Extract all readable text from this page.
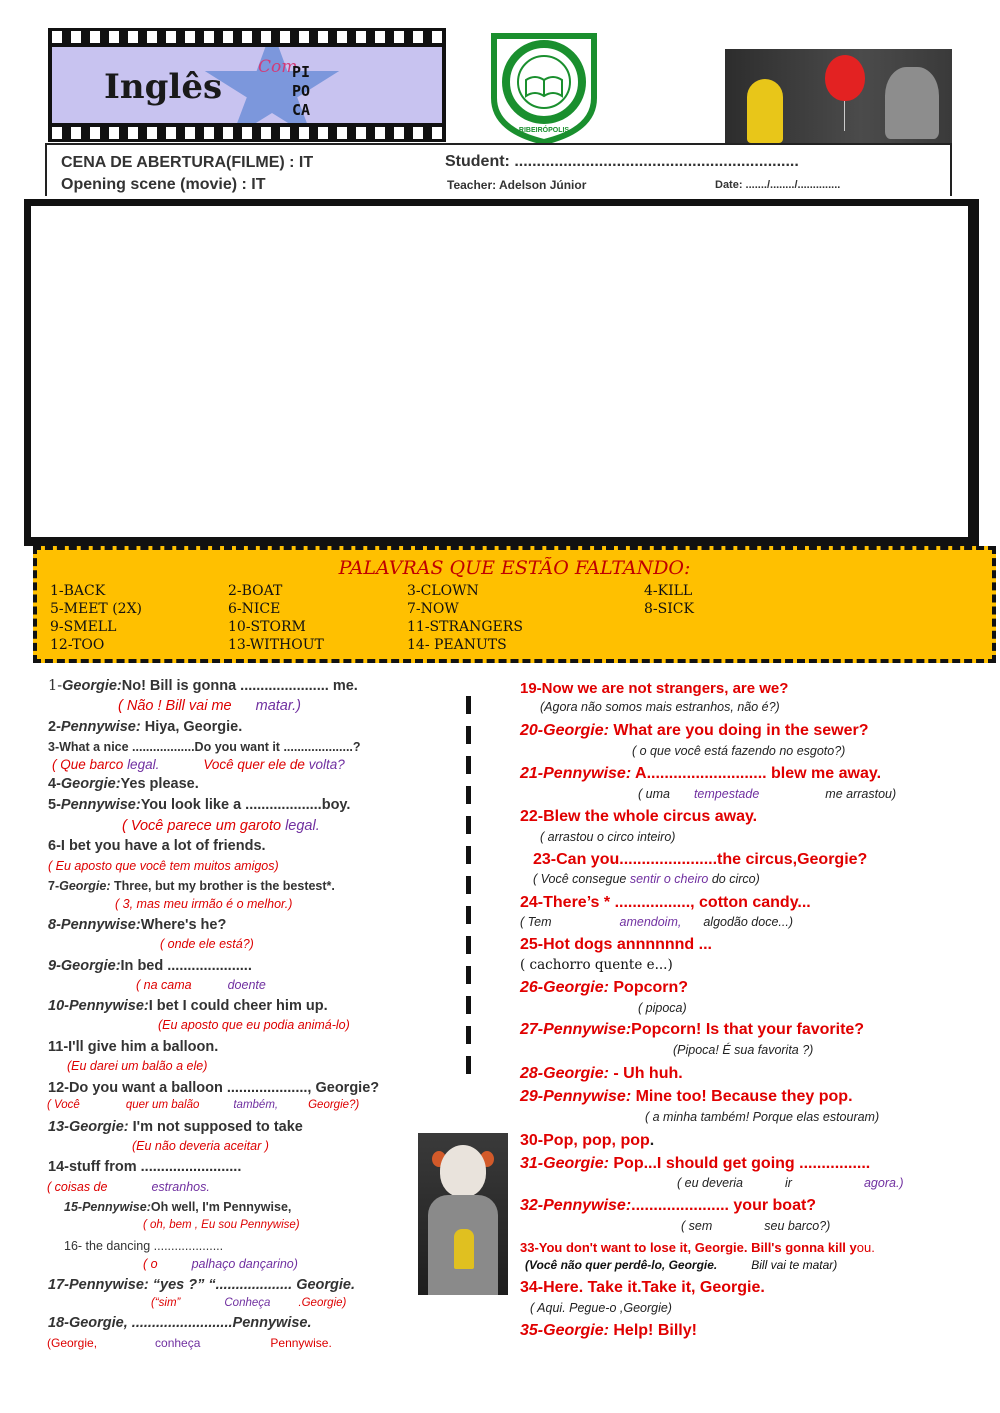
Inglês Com
PI
PO
CA
RIBEIRÓPOLIS
CENA DE ABERTURA(FILME) : IT
Opening scene (movie) : IT
Student: ................................................................
Teacher: Adelson Júnior	Date: ......./......../..............
PALAVRAS QUE ESTÃO FALTANDO:
1-BACK	2-BOAT	3-CLOWN	4-KILL
5-MEET (2X)	6-NICE	7-NOW	8-SICK
9-SMELL	10-STORM	11-STRANGERS
12-TOO	13-WITHOUT	14- PEANUTS
1-Georgie:No! Bill is gonna ...................... me.
( Não ! Bill vai me matar.)
2-Pennywise: Hiya, Georgie.
3-What a nice ..................Do you want it ....................?
( Que barco legal.	Você quer ele de volta?
4-Georgie:Yes please.
5-Pennywise:You look like a ...................boy.
( Você parece um garoto legal.
6-I bet you have a lot of friends.
( Eu aposto que você tem muitos amigos)
7-Georgie: Three, but my brother is the bestest*.
( 3, mas meu irmão é o melhor.)
8-Pennywise:Where's he?
( onde ele está?)
9-Georgie:In bed .....................
( na cama	doente
10-Pennywise:I bet I could cheer him up.
(Eu aposto que eu podia animá-lo)
11-I'll give him a balloon.
(Eu darei um balão a ele)
12-Do you want a balloon ...................., Georgie?
( Você	quer um balão	também,	Georgie?)
13-Georgie: I'm not supposed to take
(Eu não deveria aceitar )
14-stuff from .........................
( coisas de	estranhos.
15-Pennywise:Oh well, I'm Pennywise,
( oh, bem , Eu sou Pennywise)
16- the dancing ....................
( o	palhaço dançarino)
17-Pennywise: “yes ?” “................... Georgie.
(“sim”	Conheça .Georgie)
18-Georgie, .........................Pennywise.
(Georgie,	conheça	Pennywise.
19-Now we are not strangers, are we?
(Agora não somos mais estranhos, não é?)
20-Georgie: What are you doing in the sewer?
( o que você está fazendo no esgoto?)
21-Pennywise: A........................... blew me away.
( uma tempestade	me arrastou)
22-Blew the whole circus away.
( arrastou o circo inteiro)
23-Can you......................the circus,Georgie?
( Você consegue sentir o cheiro do circo)
24-There’s * ................., cotton candy...
( Tem	amendoim, algodão doce...)
25-Hot dogs annnnnnd ...
( cachorro quente e...)
26-Georgie: Popcorn?
( pipoca)
27-Pennywise:Popcorn! Is that your favorite?
(Pipoca! É sua favorita ?)
28-Georgie: - Uh huh.
29-Pennywise: Mine too! Because they pop.
( a minha também! Porque elas estouram)
30-Pop, pop, pop.
31-Georgie: Pop...I should get going ................
( eu deveria	ir	agora.)
32-Pennywise:...................... your boat?
( sem	seu barco?)
33-You don't want to lose it, Georgie. Bill's gonna kill you.
(Você não quer perdê-lo, Georgie.	Bill vai te matar)
34-Here. Take it.Take it, Georgie.
( Aqui. Pegue-o ,Georgie)
35-Georgie: Help! Billy!
